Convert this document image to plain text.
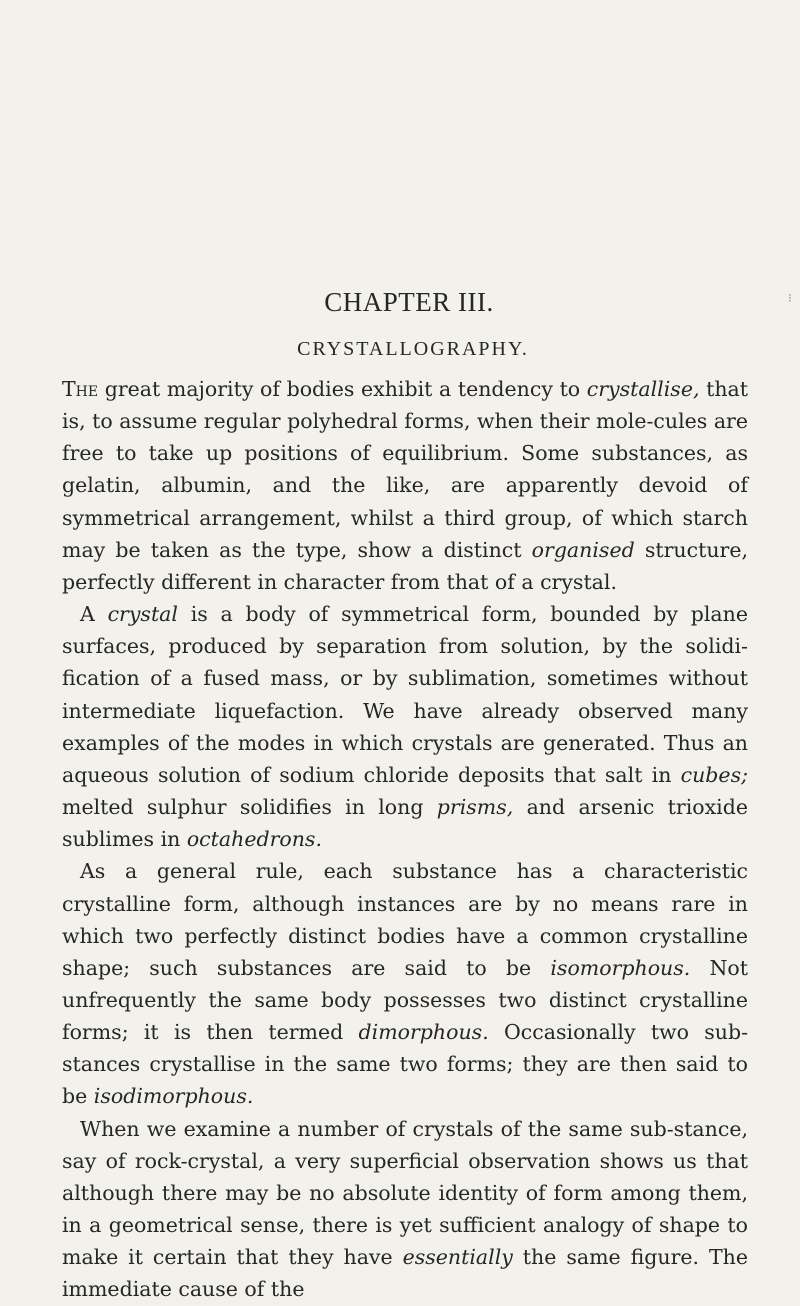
⁝
CHAPTER III.
CRYSTALLOGRAPHY.

The great majority of bodies exhibit a tendency to crystallise, that is, to assume regular polyhedral forms, when their mole-cules are free to take up positions of equilibrium. Some substances, as gelatin, albumin, and the like, are apparently devoid of symmetrical arrangement, whilst a third group, of which starch may be taken as the type, show a distinct organised structure, perfectly different in character from that of a crystal.

A crystal is a body of symmetrical form, bounded by plane surfaces, produced by separation from solution, by the solidi-fication of a fused mass, or by sublimation, sometimes without intermediate liquefaction. We have already observed many examples of the modes in which crystals are generated. Thus an aqueous solution of sodium chloride deposits that salt in cubes; melted sulphur solidifies in long prisms, and arsenic trioxide sublimes in octahedrons.

As a general rule, each substance has a characteristic crystalline form, although instances are by no means rare in which two perfectly distinct bodies have a common crystalline shape; such substances are said to be isomorphous. Not unfrequently the same body possesses two distinct crystalline forms; it is then termed dimorphous. Occasionally two sub-stances crystallise in the same two forms; they are then said to be isodimorphous.

When we examine a number of crystals of the same sub-stance, say of rock-crystal, a very superficial observation shows us that although there may be no absolute identity of form among them, in a geometrical sense, there is yet sufficient analogy of shape to make it certain that they have essentially the same figure. The immediate cause of the
